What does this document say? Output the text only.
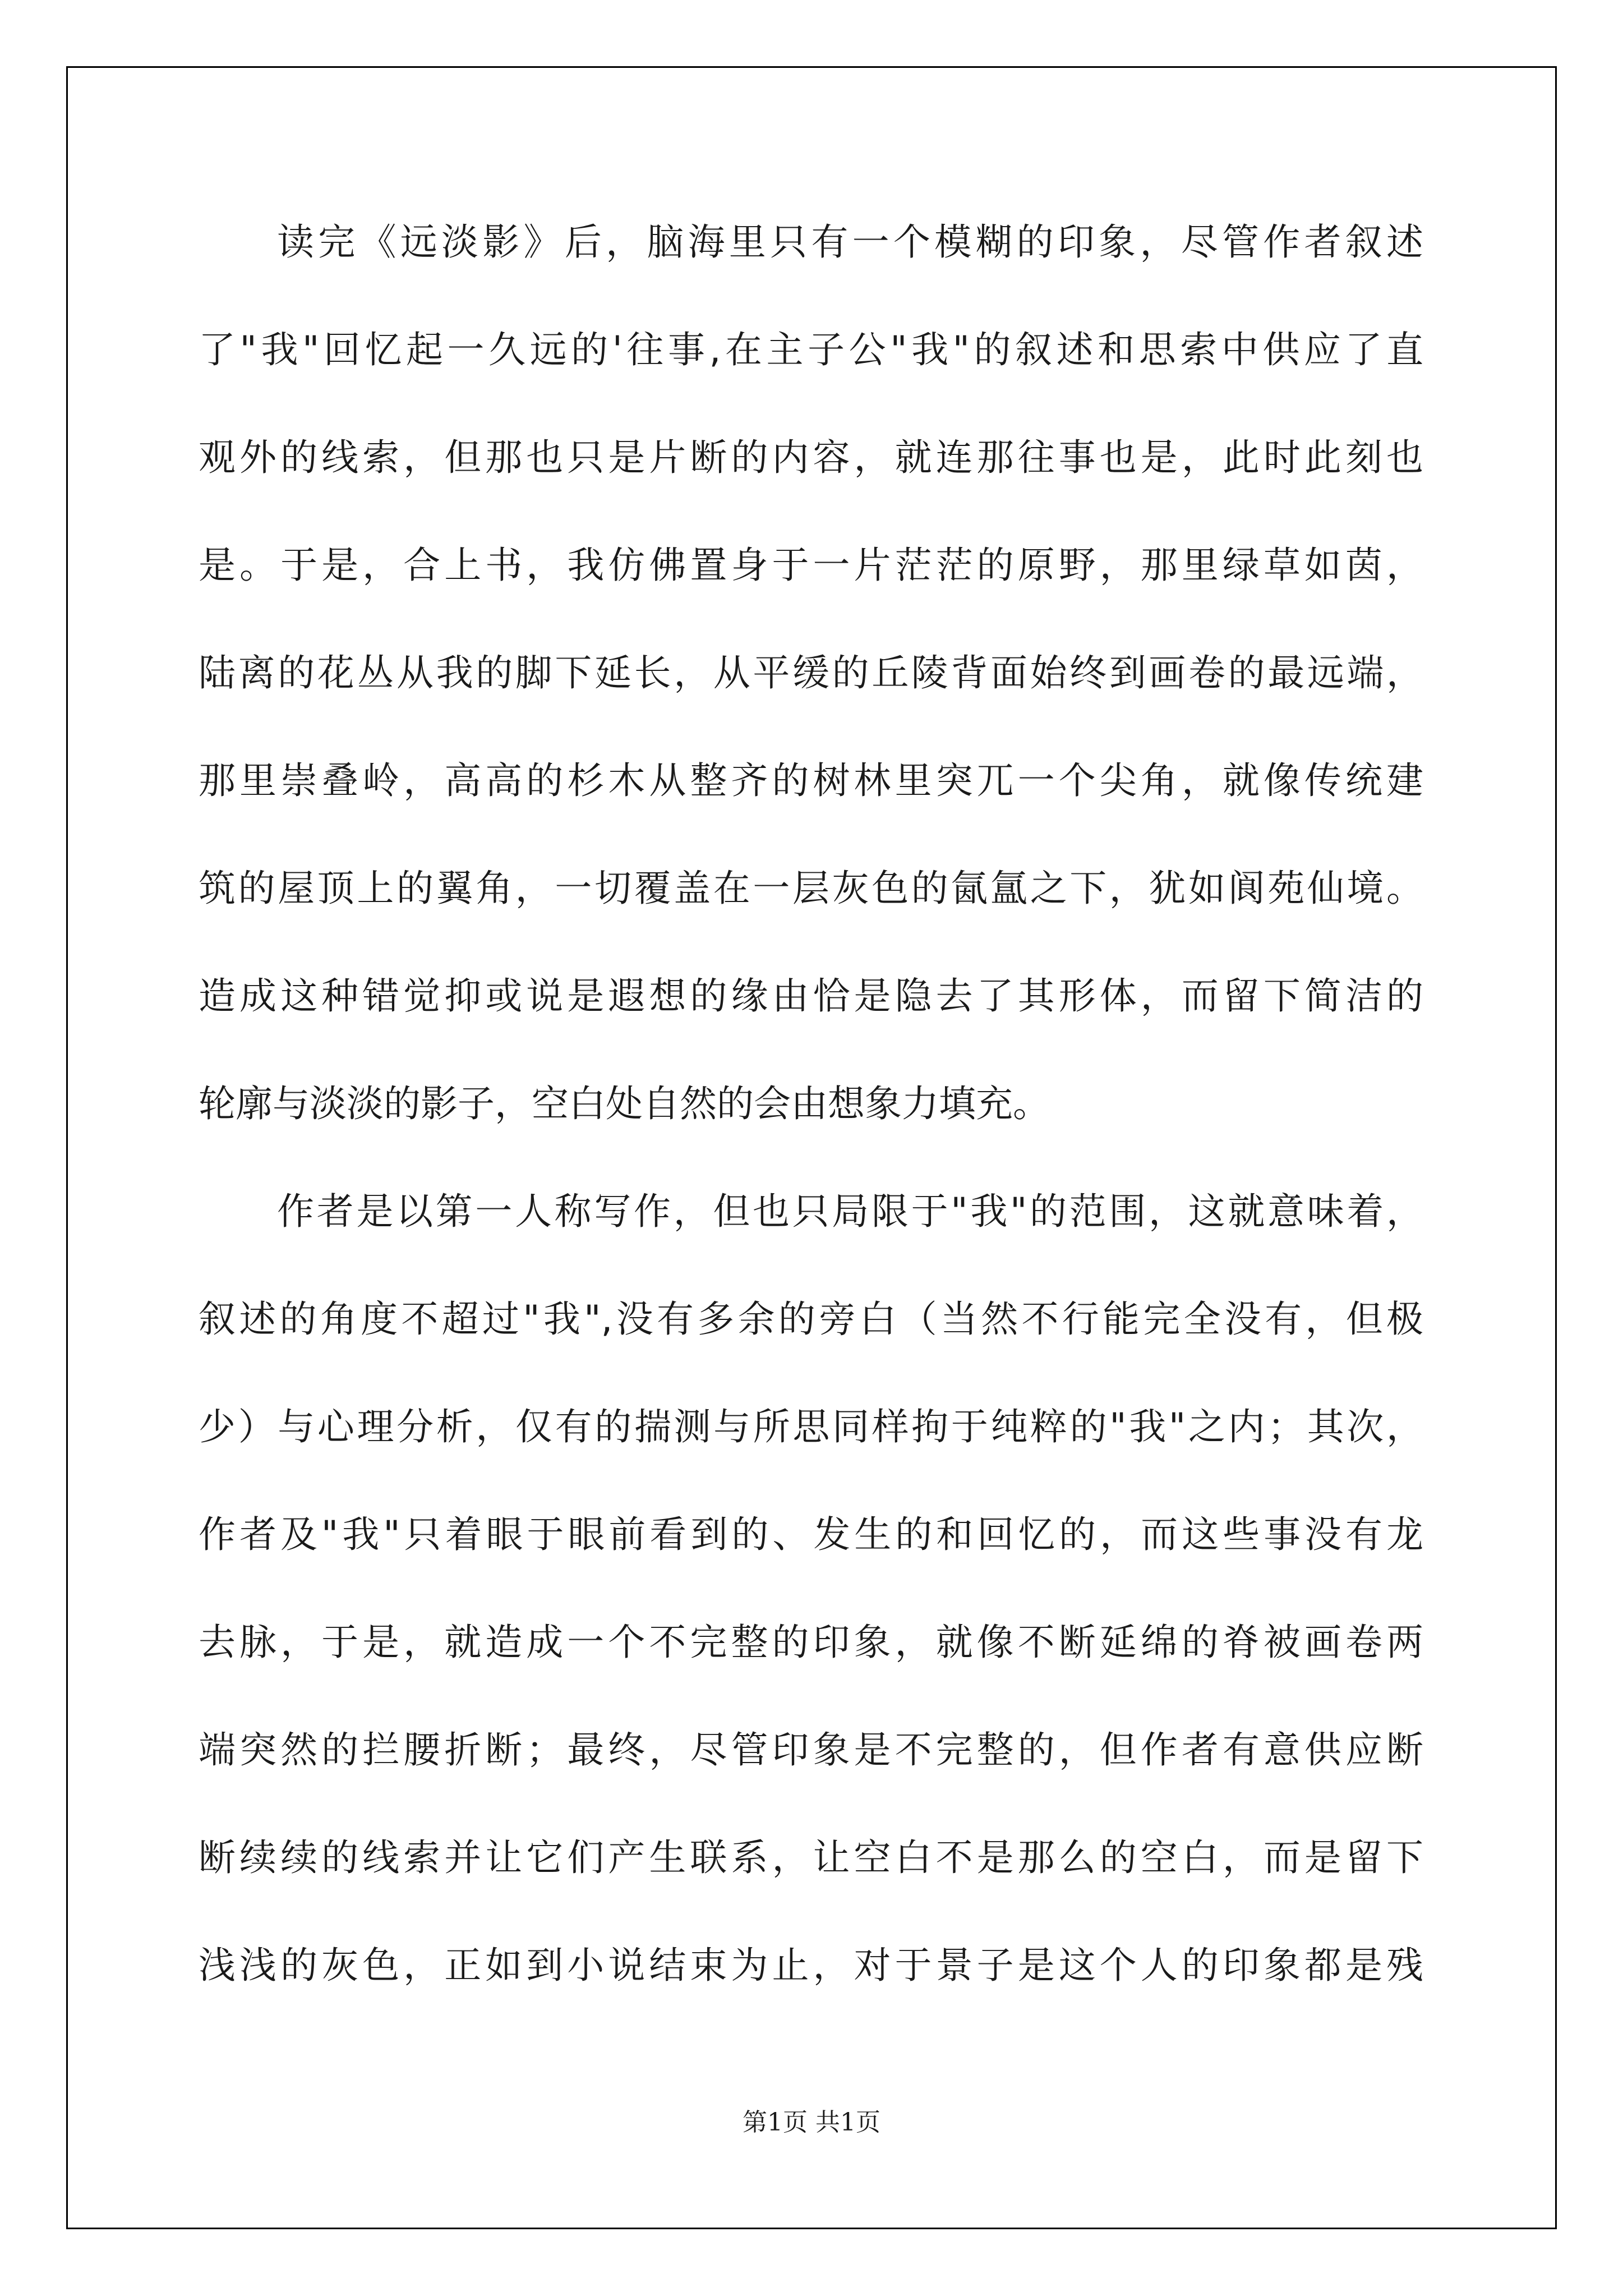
读完《远淡影》后，脑海里只有一个模糊的印象，尽管作者叙述
了"我"回忆起一久远的'往事,在主子公"我"的叙述和思索中供应了直
观外的线索，但那也只是片断的内容，就连那往事也是，此时此刻也
是。于是，合上书，我仿佛置身于一片茫茫的原野，那里绿草如茵，
陆离的花丛从我的脚下延长，从平缓的丘陵背面始终到画卷的最远端，
那里崇叠岭，高高的杉木从整齐的树林里突兀一个尖角，就像传统建
筑的屋顶上的翼角，一切覆盖在一层灰色的氤氲之下，犹如阆苑仙境。
造成这种错觉抑或说是遐想的缘由恰是隐去了其形体，而留下简洁的
轮廓与淡淡的影子，空白处自然的会由想象力填充。
作者是以第一人称写作，但也只局限于"我"的范围，这就意味着，
叙述的角度不超过"我",没有多余的旁白（当然不行能完全没有，但极
少）与心理分析，仅有的揣测与所思同样拘于纯粹的"我"之内；其次，
作者及"我"只着眼于眼前看到的、发生的和回忆的，而这些事没有龙
去脉，于是，就造成一个不完整的印象，就像不断延绵的脊被画卷两
端突然的拦腰折断；最终，尽管印象是不完整的，但作者有意供应断
断续续的线索并让它们产生联系，让空白不是那么的空白，而是留下
浅浅的灰色，正如到小说结束为止，对于景子是这个人的印象都是残
第1页 共1页
